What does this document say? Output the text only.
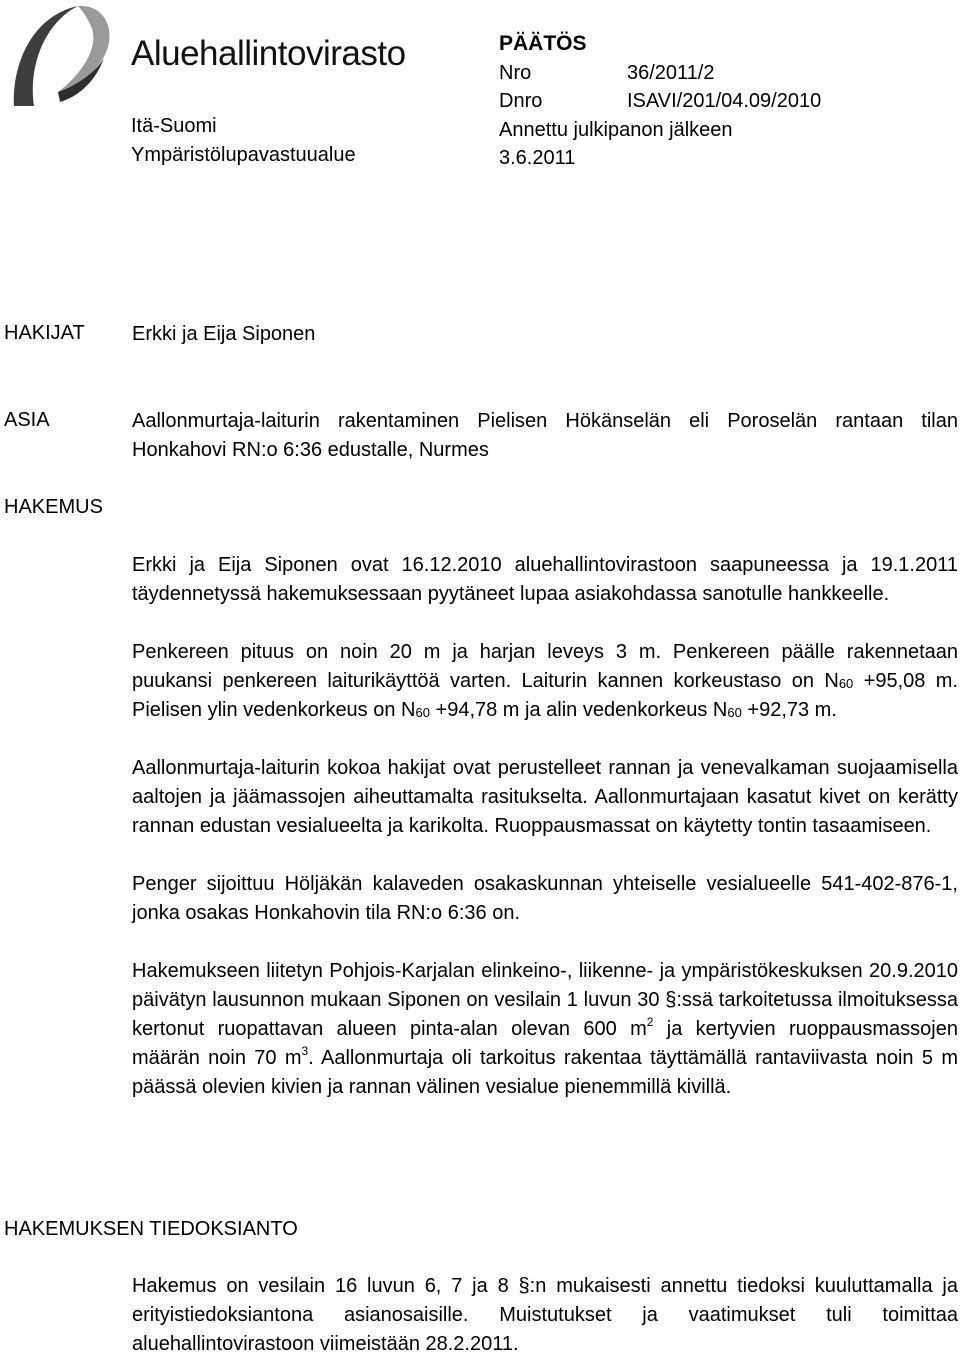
Aluehallintovirasto
Itä-Suomi
Ympäristölupavastuualue
PÄÄTÖS
Nro	36/2011/2
Dnro	ISAVI/201/04.09/2010
Annettu julkipanon jälkeen
3.6.2011
HAKIJAT Erkki ja Eija Siponen
ASIA	Aallonmurtaja-laiturin rakentaminen Pielisen Hökänselän eli Poroselän rantaan tilan Honkahovi RN:o 6:36 edustalle, Nurmes
HAKEMUS

Erkki ja Eija Siponen ovat 16.12.2010 aluehallintovirastoon saapuneessa ja 19.1.2011 täydennetyssä hakemuksessaan pyytäneet lupaa asiakohdassa sanotulle hankkeelle.

Penkereen pituus on noin 20 m ja harjan leveys 3 m. Penkereen päälle rakennetaan puukansi penkereen laiturikäyttöä varten. Laiturin kannen korkeustaso on $N_{60} +95,08$ m. Pielisen ylin vedenkorkeus on $N_{60} +94,78$ m ja alin vedenkorkeus $N_{60} +92,73$ m.

Aallonmurtaja-laiturin kokoa hakijat ovat perustelleet rannan ja venevalkaman suojaamisella aaltojen ja jäämassojen aiheuttamalta rasitukselta. Aallonmurtajaan kasatut kivet on kerätty rannan edustan vesialueelta ja karikolta. Ruoppausmassat on käytetty tontin tasaamiseen.

Penger sijoittuu Höljäkän kalaveden osakaskunnan yhteiselle vesialueelle 541-402-876-1, jonka osakas Honkahovin tila RN:o 6:36 on.

Hakemukseen liitetyn Pohjois-Karjalan elinkeino-, liikenne- ja ympäristökeskuksen 20.9.2010 päivätyn lausunnon mukaan Siponen on vesilain 1 luvun 30 §:ssä tarkoitetussa ilmoituksessa kertonut ruopattavan alueen pinta-alan olevan 600 $m^2$ ja kertyvien ruoppausmassojen määrän noin 70 $m^3$. Aallonmurtaja oli tarkoitus rakentaa täyttämällä rantaviivasta noin 5 m päässä olevien kivien ja rannan välinen vesialue pienemmillä kivillä.

HAKEMUKSEN TIEDOKSIANTO
Hakemus on vesilain 16 luvun 6, 7 ja 8 §:n mukaisesti annettu tiedoksi kuuluttamalla ja erityistiedoksiantona asianosaisille. Muistutukset ja vaatimukset tuli toimittaa aluehallintovirastoon viimeistään 28.2.2011.
